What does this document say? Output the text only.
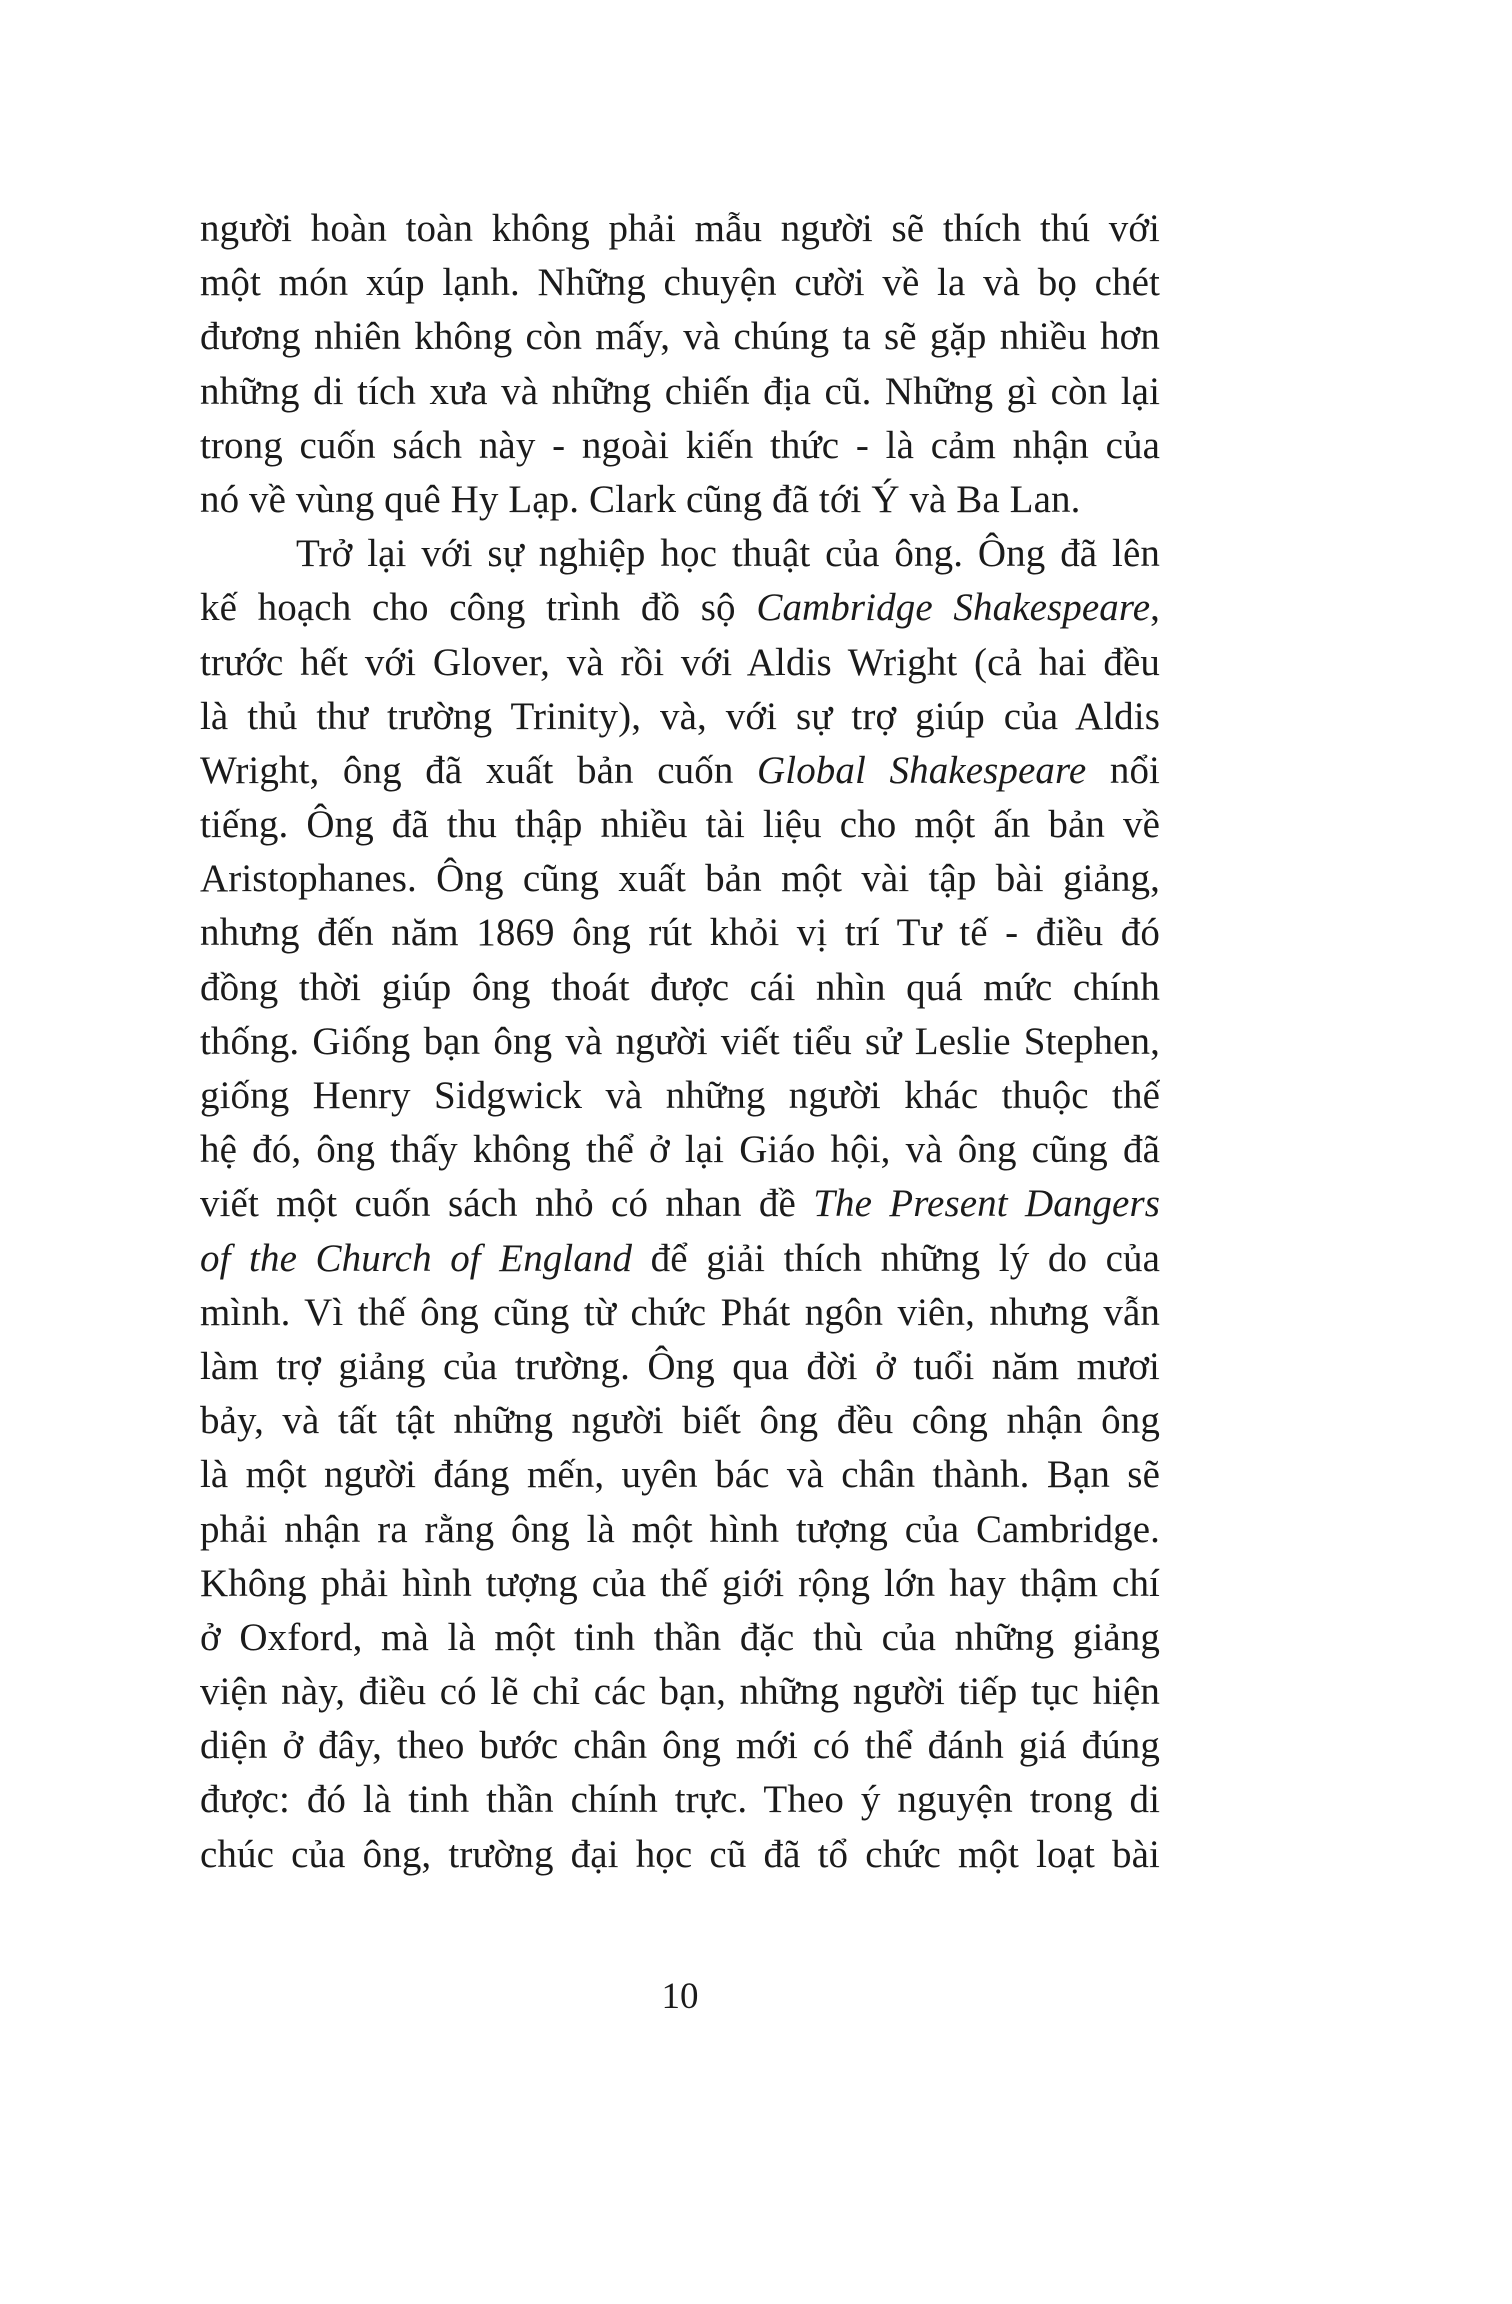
người hoàn toàn không phải mẫu người sẽ thích thú với
một món xúp lạnh. Những chuyện cười về la và bọ chét
đương nhiên không còn mấy, và chúng ta sẽ gặp nhiều hơn
những di tích xưa và những chiến địa cũ. Những gì còn lại
trong cuốn sách này - ngoài kiến thức - là cảm nhận của
nó về vùng quê Hy Lạp. Clark cũng đã tới Ý và Ba Lan.
Trở lại với sự nghiệp học thuật của ông. Ông đã lên
kế hoạch cho công trình đồ sộ Cambridge Shakespeare,
trước hết với Glover, và rồi với Aldis Wright (cả hai đều
là thủ thư trường Trinity), và, với sự trợ giúp của Aldis
Wright, ông đã xuất bản cuốn Global Shakespeare nổi
tiếng. Ông đã thu thập nhiều tài liệu cho một ấn bản về
Aristophanes. Ông cũng xuất bản một vài tập bài giảng,
nhưng đến năm 1869 ông rút khỏi vị trí Tư tế - điều đó
đồng thời giúp ông thoát được cái nhìn quá mức chính
thống. Giống bạn ông và người viết tiểu sử Leslie Stephen,
giống Henry Sidgwick và những người khác thuộc thế
hệ đó, ông thấy không thể ở lại Giáo hội, và ông cũng đã
viết một cuốn sách nhỏ có nhan đề The Present Dangers
of the Church of England để giải thích những lý do của
mình. Vì thế ông cũng từ chức Phát ngôn viên, nhưng vẫn
làm trợ giảng của trường. Ông qua đời ở tuổi năm mươi
bảy, và tất tật những người biết ông đều công nhận ông
là một người đáng mến, uyên bác và chân thành. Bạn sẽ
phải nhận ra rằng ông là một hình tượng của Cambridge.
Không phải hình tượng của thế giới rộng lớn hay thậm chí
ở Oxford, mà là một tinh thần đặc thù của những giảng
viện này, điều có lẽ chỉ các bạn, những người tiếp tục hiện
diện ở đây, theo bước chân ông mới có thể đánh giá đúng
được: đó là tinh thần chính trực. Theo ý nguyện trong di
chúc của ông, trường đại học cũ đã tổ chức một loạt bài
10
